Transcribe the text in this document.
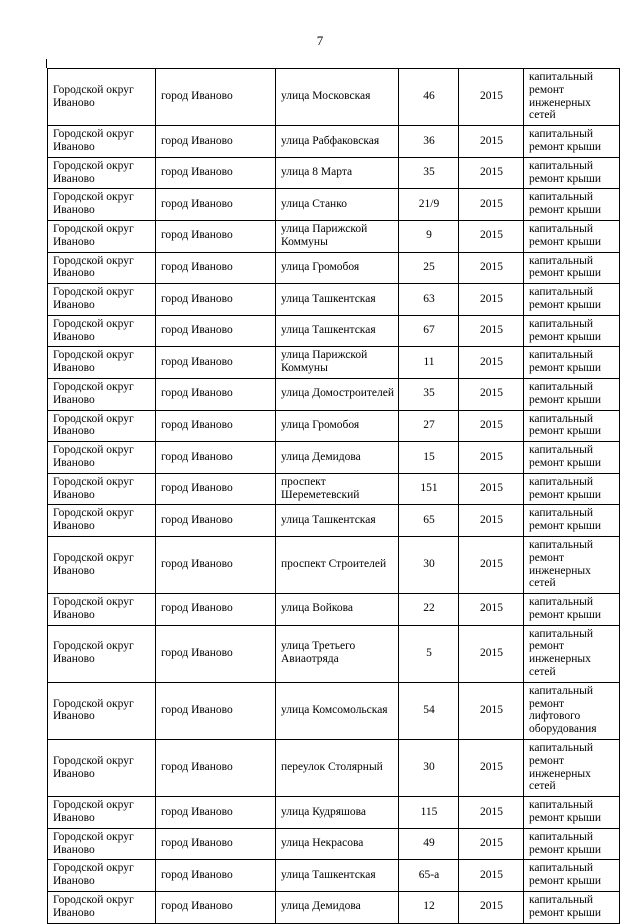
7
Городской округ Иваново	город Иваново	улица Московская	46	2015	капитальный ремонт инженерных сетей
Городской округ Иваново	город Иваново	улица Рабфаковская	36	2015	капитальный ремонт крыши
Городской округ Иваново	город Иваново	улица 8 Марта	35	2015	капитальный ремонт крыши
Городской округ Иваново	город Иваново	улица Станко	21/9	2015	капитальный ремонт крыши
Городской округ Иваново	город Иваново	улица Парижской Коммуны	9	2015	капитальный ремонт крыши
Городской округ Иваново	город Иваново	улица Громобоя	25	2015	капитальный ремонт крыши
Городской округ Иваново	город Иваново	улица Ташкентская	63	2015	капитальный ремонт крыши
Городской округ Иваново	город Иваново	улица Ташкентская	67	2015	капитальный ремонт крыши
Городской округ Иваново	город Иваново	улица Парижской Коммуны	11	2015	капитальный ремонт крыши
Городской округ Иваново	город Иваново	улица Домостроителей	35	2015	капитальный ремонт крыши
Городской округ Иваново	город Иваново	улица Громобоя	27	2015	капитальный ремонт крыши
Городской округ Иваново	город Иваново	улица Демидова	15	2015	капитальный ремонт крыши
Городской округ Иваново	город Иваново	проспект Шереметевский	151	2015	капитальный ремонт крыши
Городской округ Иваново	город Иваново	улица Ташкентская	65	2015	капитальный ремонт крыши
Городской округ Иваново	город Иваново	проспект Строителей	30	2015	капитальный ремонт инженерных сетей
Городской округ Иваново	город Иваново	улица Войкова	22	2015	капитальный ремонт крыши
Городской округ Иваново	город Иваново	улица Третьего Авиаотряда	5	2015	капитальный ремонт инженерных сетей
Городской округ Иваново	город Иваново	улица Комсомольская	54	2015	капитальный ремонт лифтового оборудования
Городской округ Иваново	город Иваново	переулок Столярный	30	2015	капитальный ремонт инженерных сетей
Городской округ Иваново	город Иваново	улица Кудряшова	115	2015	капитальный ремонт крыши
Городской округ Иваново	город Иваново	улица Некрасова	49	2015	капитальный ремонт крыши
Городской округ Иваново	город Иваново	улица Ташкентская	65-а	2015	капитальный ремонт крыши
Городской округ Иваново	город Иваново	улица Демидова	12	2015	капитальный ремонт крыши
